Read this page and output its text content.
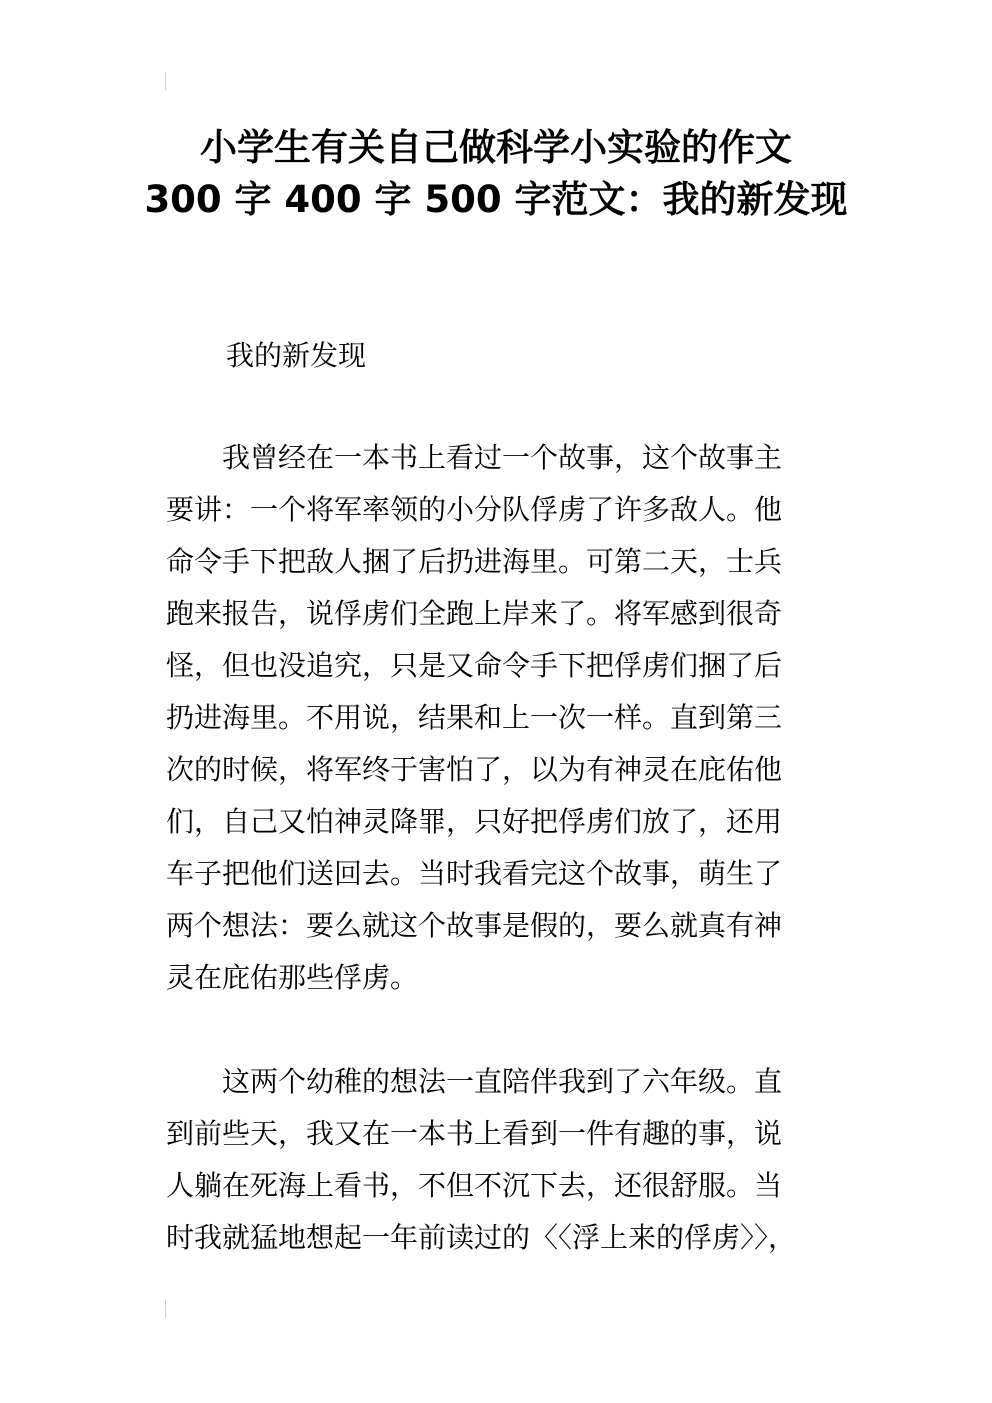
小学生有关自己做科学小实验的作文
300 字 400 字 500 字范文：我的新发现
我的新发现
　　我曾经在一本书上看过一个故事，这个故事主
要讲：一个将军率领的小分队俘虏了许多敌人。他
命令手下把敌人捆了后扔进海里。可第二天，士兵
跑来报告，说俘虏们全跑上岸来了。将军感到很奇
怪，但也没追究，只是又命令手下把俘虏们捆了后
扔进海里。不用说，结果和上一次一样。直到第三
次的时候，将军终于害怕了，以为有神灵在庇佑他
们，自己又怕神灵降罪，只好把俘虏们放了，还用
车子把他们送回去。当时我看完这个故事，萌生了
两个想法：要么就这个故事是假的，要么就真有神
灵在庇佑那些俘虏。
　　这两个幼稚的想法一直陪伴我到了六年级。直
到前些天，我又在一本书上看到一件有趣的事，说
人躺在死海上看书，不但不沉下去，还很舒服。当
时我就猛地想起一年前读过的〈〈浮上来的俘虏〉〉，
